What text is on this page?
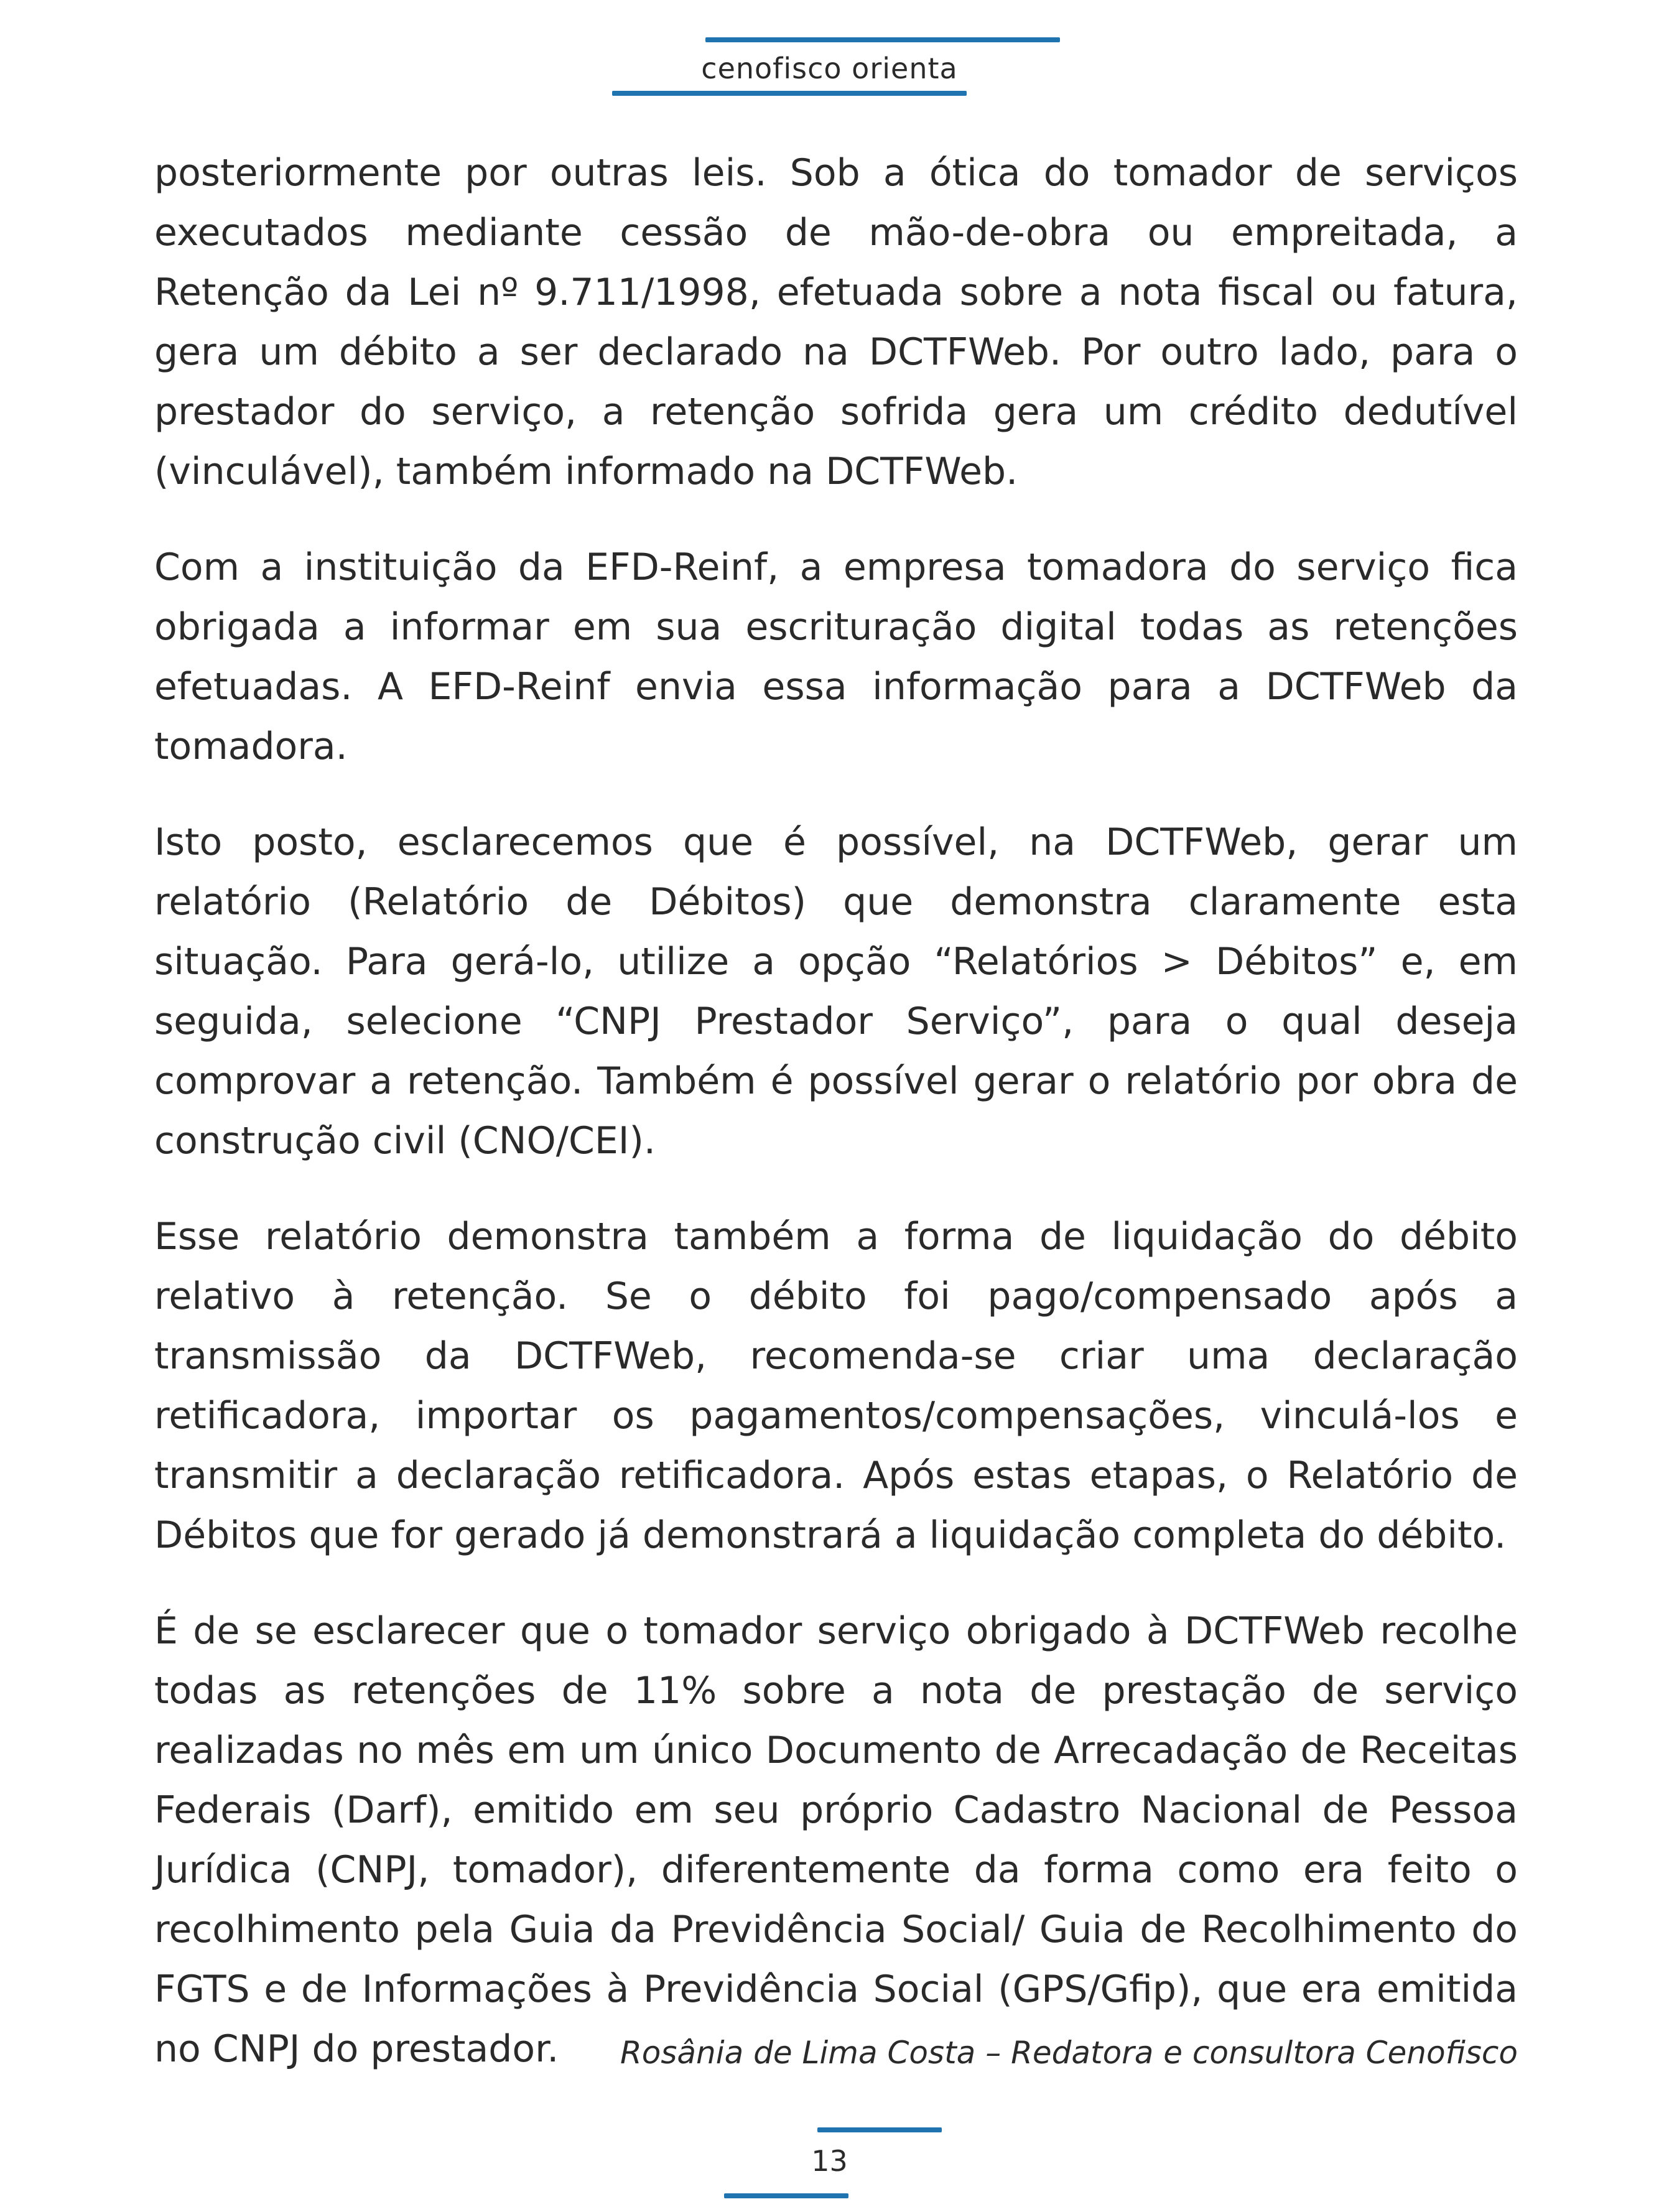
cenofisco orienta

posteriormente por outras leis. Sob a ótica do tomador de serviços executados mediante cessão de mão-de-obra ou empreitada, a Retenção da Lei nº 9.711/1998, efetuada sobre a nota fiscal ou fatura, gera um débito a ser declarado na DCTFWeb. Por outro lado, para o prestador do serviço, a retenção sofrida gera um crédito dedutível (vinculável), também informado na DCTFWeb.

Com a instituição da EFD-Reinf, a empresa tomadora do serviço fica obrigada a informar em sua escrituração digital todas as retenções efetuadas. A EFD-Reinf envia essa informação para a DCTFWeb da tomadora.

Isto posto, esclarecemos que é possível, na DCTFWeb, gerar um relatório (Relatório de Débitos) que demonstra claramente esta situação. Para gerá-lo, utilize a opção “Relatórios > Débitos” e, em seguida, selecione “CNPJ Prestador Serviço”, para o qual deseja comprovar a retenção. Também é possível gerar o relatório por obra de construção civil (CNO/CEI).

Esse relatório demonstra também a forma de liquidação do débito relativo à retenção. Se o débito foi pago/compensado após a transmissão da DCTFWeb, recomenda-se criar uma declaração retificadora, importar os pagamentos/compensações, vinculá-los e transmitir a declaração retificadora. Após estas etapas, o Relatório de Débitos que for gerado já demonstrará a liquidação completa do débito.

É de se esclarecer que o tomador serviço obrigado à DCTFWeb recolhe todas as retenções de 11% sobre a nota de prestação de serviço realizadas no mês em um único Documento de Arrecadação de Receitas Federais (Darf), emitido em seu próprio Cadastro Nacional de Pessoa Jurídica (CNPJ, tomador), diferentemente da forma como era feito o recolhimento pela Guia da Previdência Social/ Guia de Recolhimento do FGTS e de Informações à Previdência Social (GPS/Gfip), que era emitida no CNPJ do prestador.	Rosânia de Lima Costa – Redatora e consultora Cenofisco
13
